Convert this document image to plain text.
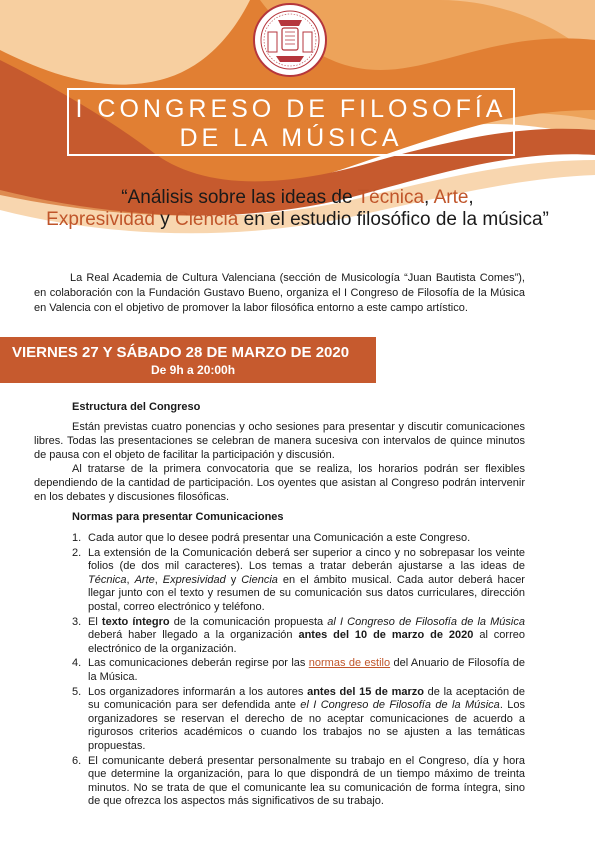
I CONGRESO DE FILOSOFÍA
DE LA MÚSICA
“Análisis sobre las ideas de Técnica, Arte,
Expresividad y Ciencia en el estudio filosófico de la música”

La Real Academia de Cultura Valenciana (sección de Musicología “Juan Bautista Comes”), en colaboración con la Fundación Gustavo Bueno, organiza el I Congreso de Filosofía de la Música en Valencia con el objetivo de promover la labor filosófica entorno a este campo artístico.

VIERNES 27 Y SÁBADO 28 DE MARZO DE 2020
De 9h a 20:00h
Estructura del Congreso

Están previstas cuatro ponencias y ocho sesiones para presentar y discutir comunicaciones libres. Todas las presentaciones se celebran de manera sucesiva con intervalos de quince minutos de pausa con el objeto de facilitar la participación y discusión.

Al tratarse de la primera convocatoria que se realiza, los horarios podrán ser flexibles dependiendo de la cantidad de participación. Los oyentes que asistan al Congreso podrán intervenir en los debates y discusiones filosóficas.

Normas para presentar Comunicaciones
1. Cada autor que lo desee podrá presentar una Comunicación a este Congreso.
2. La extensión de la Comunicación deberá ser superior a cinco y no sobrepasar los veinte folios (de dos mil caracteres). Los temas a tratar deberán ajustarse a las ideas de Técnica, Arte, Expresividad y Ciencia en el ámbito musical. Cada autor deberá hacer llegar junto con el texto y resumen de su comunicación sus datos curriculares, dirección postal, correo electrónico y teléfono.
3. El texto íntegro de la comunicación propuesta al I Congreso de Filosofía de la Música deberá haber llegado a la organización antes del 10 de marzo de 2020 al correo electrónico de la organización.
4. Las comunicaciones deberán regirse por las normas de estilo del Anuario de Filosofía de la Música.
5. Los organizadores informarán a los autores antes del 15 de marzo de la aceptación de su comunicación para ser defendida ante el I Congreso de Filosofía de la Música. Los organizadores se reservan el derecho de no aceptar comunicaciones de acuerdo a rigurosos criterios académicos o cuando los trabajos no se ajusten a las temáticas propuestas.
6. El comunicante deberá presentar personalmente su trabajo en el Congreso, día y hora que determine la organización, para lo que dispondrá de un tiempo máximo de treinta minutos. No se trata de que el comunicante lea su comunicación de forma íntegra, sino de que ofrezca los aspectos más significativos de su trabajo.
